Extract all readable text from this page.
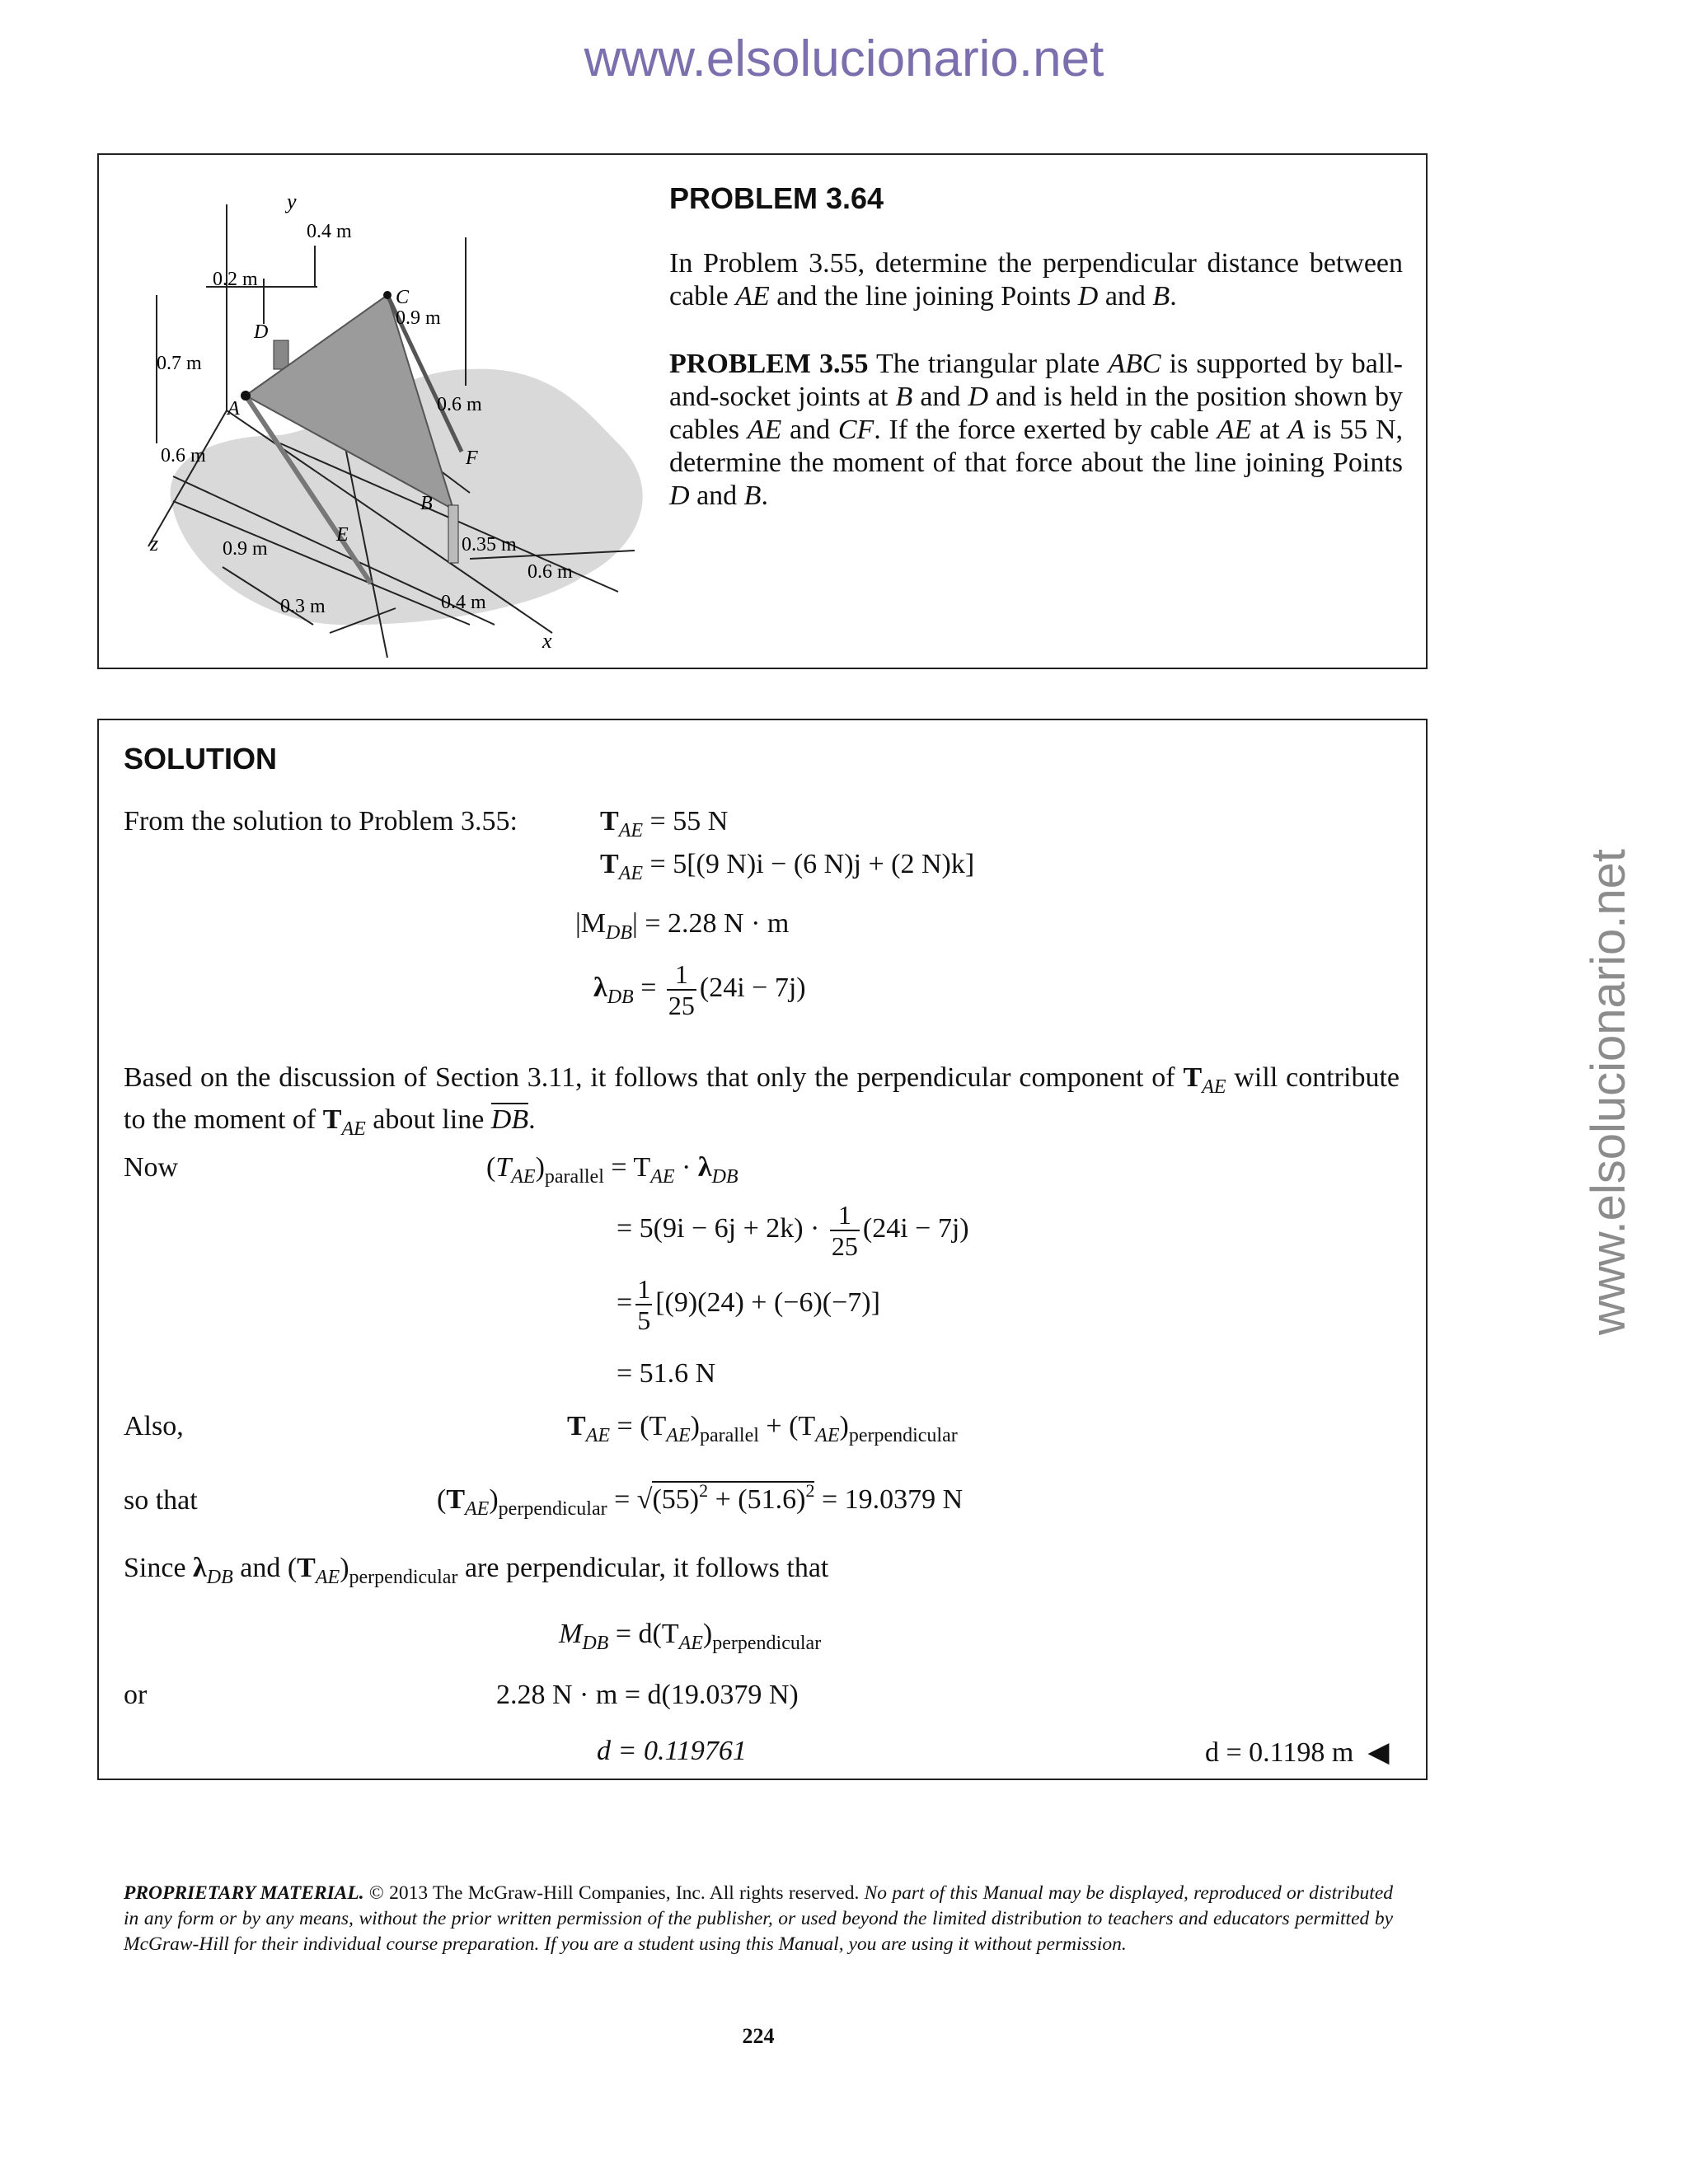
www.elsolucionario.net
www.elsolucionario.net
y
0.4 m
0.2 m
C
0.9 m
D
0.7 m
A	0.6 m
F
0.6 m
B
z	0.9 m
E	0.35 m
0.6 m
0.3 m	0.4 m
x
PROBLEM 3.64
In Problem 3.55, determine the perpendicular distance between cable AE and the line joining Points D and B.
PROBLEM 3.55 The triangular plate ABC is supported by ball-and-socket joints at B and D and is held in the position shown by cables AE and CF. If the force exerted by cable AE at A is 55 N, determine the moment of that force about the line joining Points D and B.
SOLUTION
From the solution to Problem 3.55:	$T_{AE} = 55$ N
$T_{AE} = 5[(9$ N)i − (6 N)j + (2 N)k]
$|M_{DB}| = 2.28$ N · m
$\lambda_{DB} = \frac{1}{25} (24i - 7j)$
Based on the discussion of Section 3.11, it follows that only the perpendicular component of $T_{AE}$ will contribute to the moment of $T_{AE}$ about line DB.
Now	$(T_{AE})_{parallel} = T_{AE} \cdot \lambda_{DB}$
= $5(9i - 6j + 2k) \cdot \frac{1}{25} (24i - 7j)$
= $\frac{1}{5} [(9)(24) + (-6)(-7)]$
= 51.6 N
Also,	$T_{AE} = (T_{AE})_{parallel} + (T_{AE})_{perpendicular}$
so that	$(T_{AE})_{perpendicular} = √(55)^2 + (51.6)^2 = 19.0379$ N
Since $\lambda_{DB}$ and $(T_{AE})_{perpendicular}$ are perpendicular, it follows that
$M_{DB} = d(T_{AE})_{perpendicular}$
or	2.28 N · m = d(19.0379 N)
d = 0.119761	d = 0.1198 m ◀
PROPRIETARY MATERIAL. © 2013 The McGraw-Hill Companies, Inc. All rights reserved. No part of this Manual may be displayed, reproduced or distributed in any form or by any means, without the prior written permission of the publisher, or used beyond the limited distribution to teachers and educators permitted by McGraw-Hill for their individual course preparation. If you are a student using this Manual, you are using it without permission.
224
